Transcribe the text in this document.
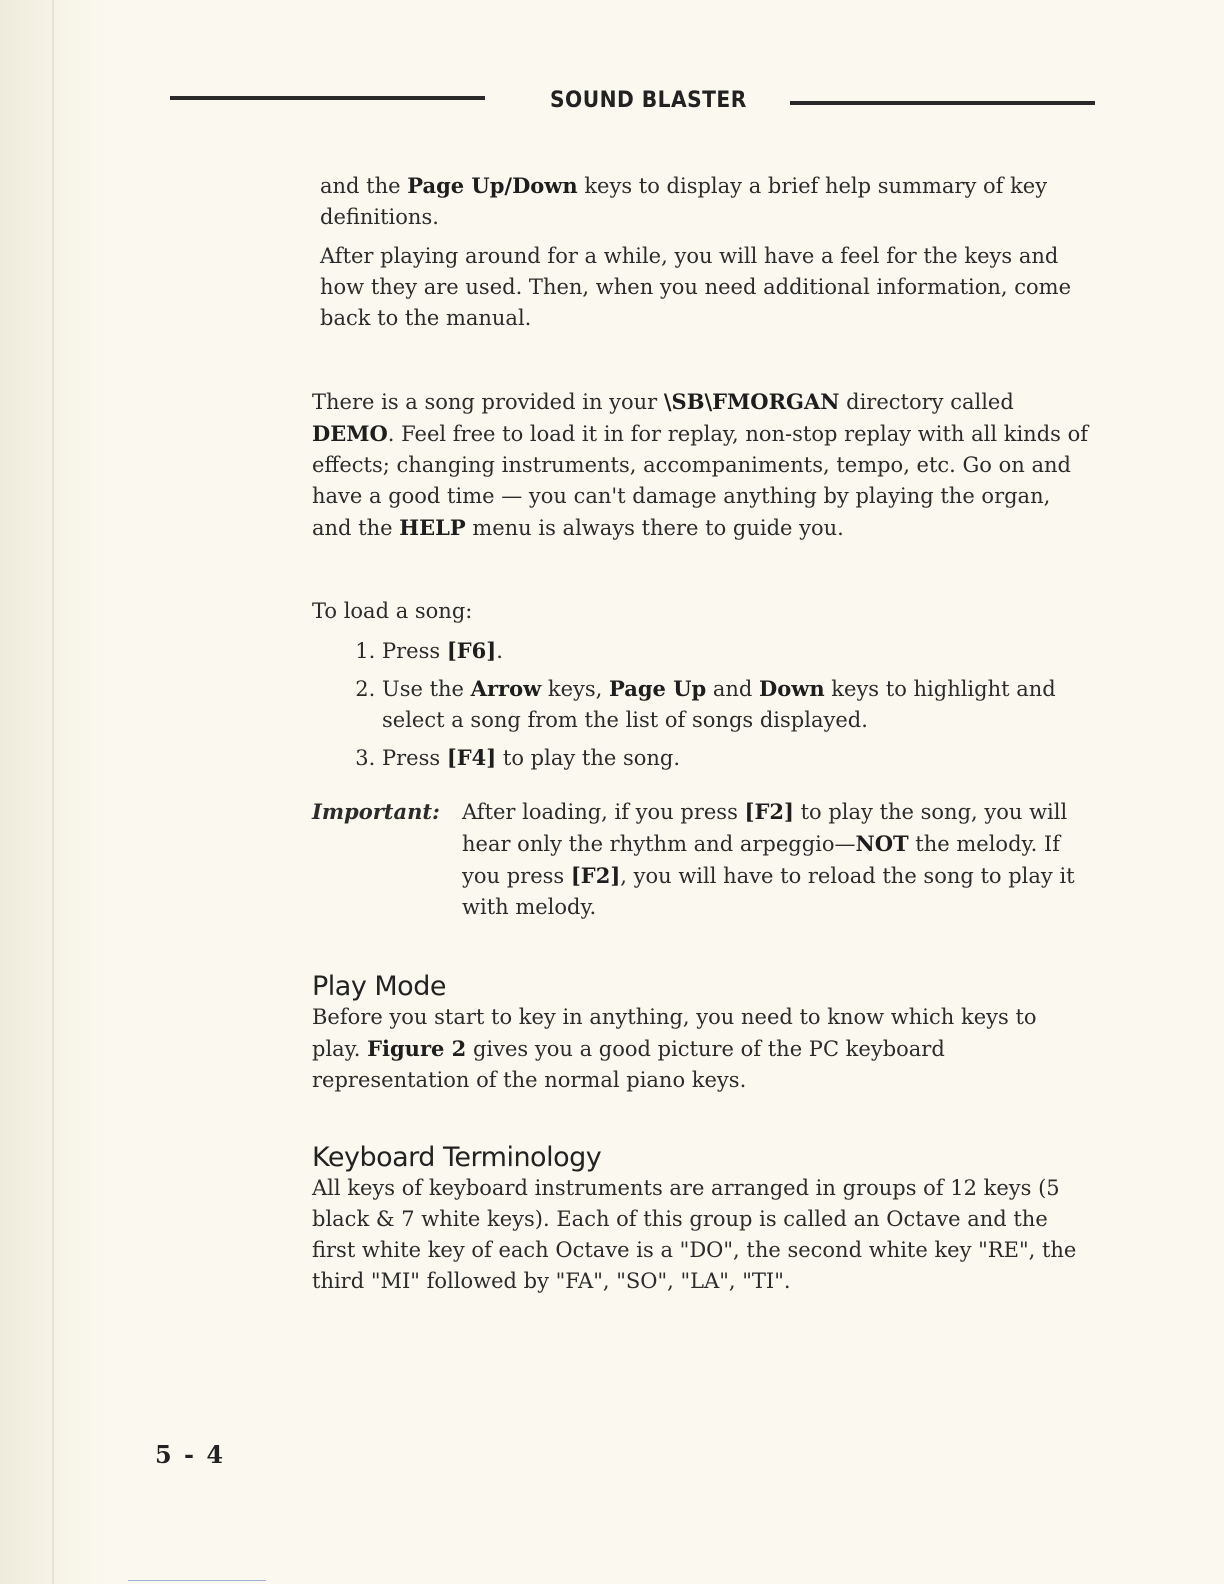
SOUND BLASTER

and the Page Up/Down keys to display a brief help summary of key definitions.

After playing around for a while, you will have a feel for the keys and how they are used. Then, when you need additional information, come back to the manual.

There is a song provided in your \SB\FMORGAN directory called DEMO. Feel free to load it in for replay, non-stop replay with all kinds of effects; changing instruments, accompaniments, tempo, etc. Go on and have a good time — you can't damage anything by playing the organ, and the HELP menu is always there to guide you.

To load a song:

1. Press [F6].
2. Use the Arrow keys, Page Up and Down keys to highlight and select a song from the list of songs displayed.
3. Press [F4] to play the song.
Important:	After loading, if you press [F2] to play the song, you will hear only the rhythm and arpeggio—NOT the melody. If you press [F2], you will have to reload the song to play it with melody.

Play Mode

Before you start to key in anything, you need to know which keys to play. Figure 2 gives you a good picture of the PC keyboard representation of the normal piano keys.

Keyboard Terminology

All keys of keyboard instruments are arranged in groups of 12 keys (5 black & 7 white keys). Each of this group is called an Octave and the first white key of each Octave is a "DO", the second white key "RE", the third "MI" followed by "FA", "SO", "LA", "TI".

5 - 4
